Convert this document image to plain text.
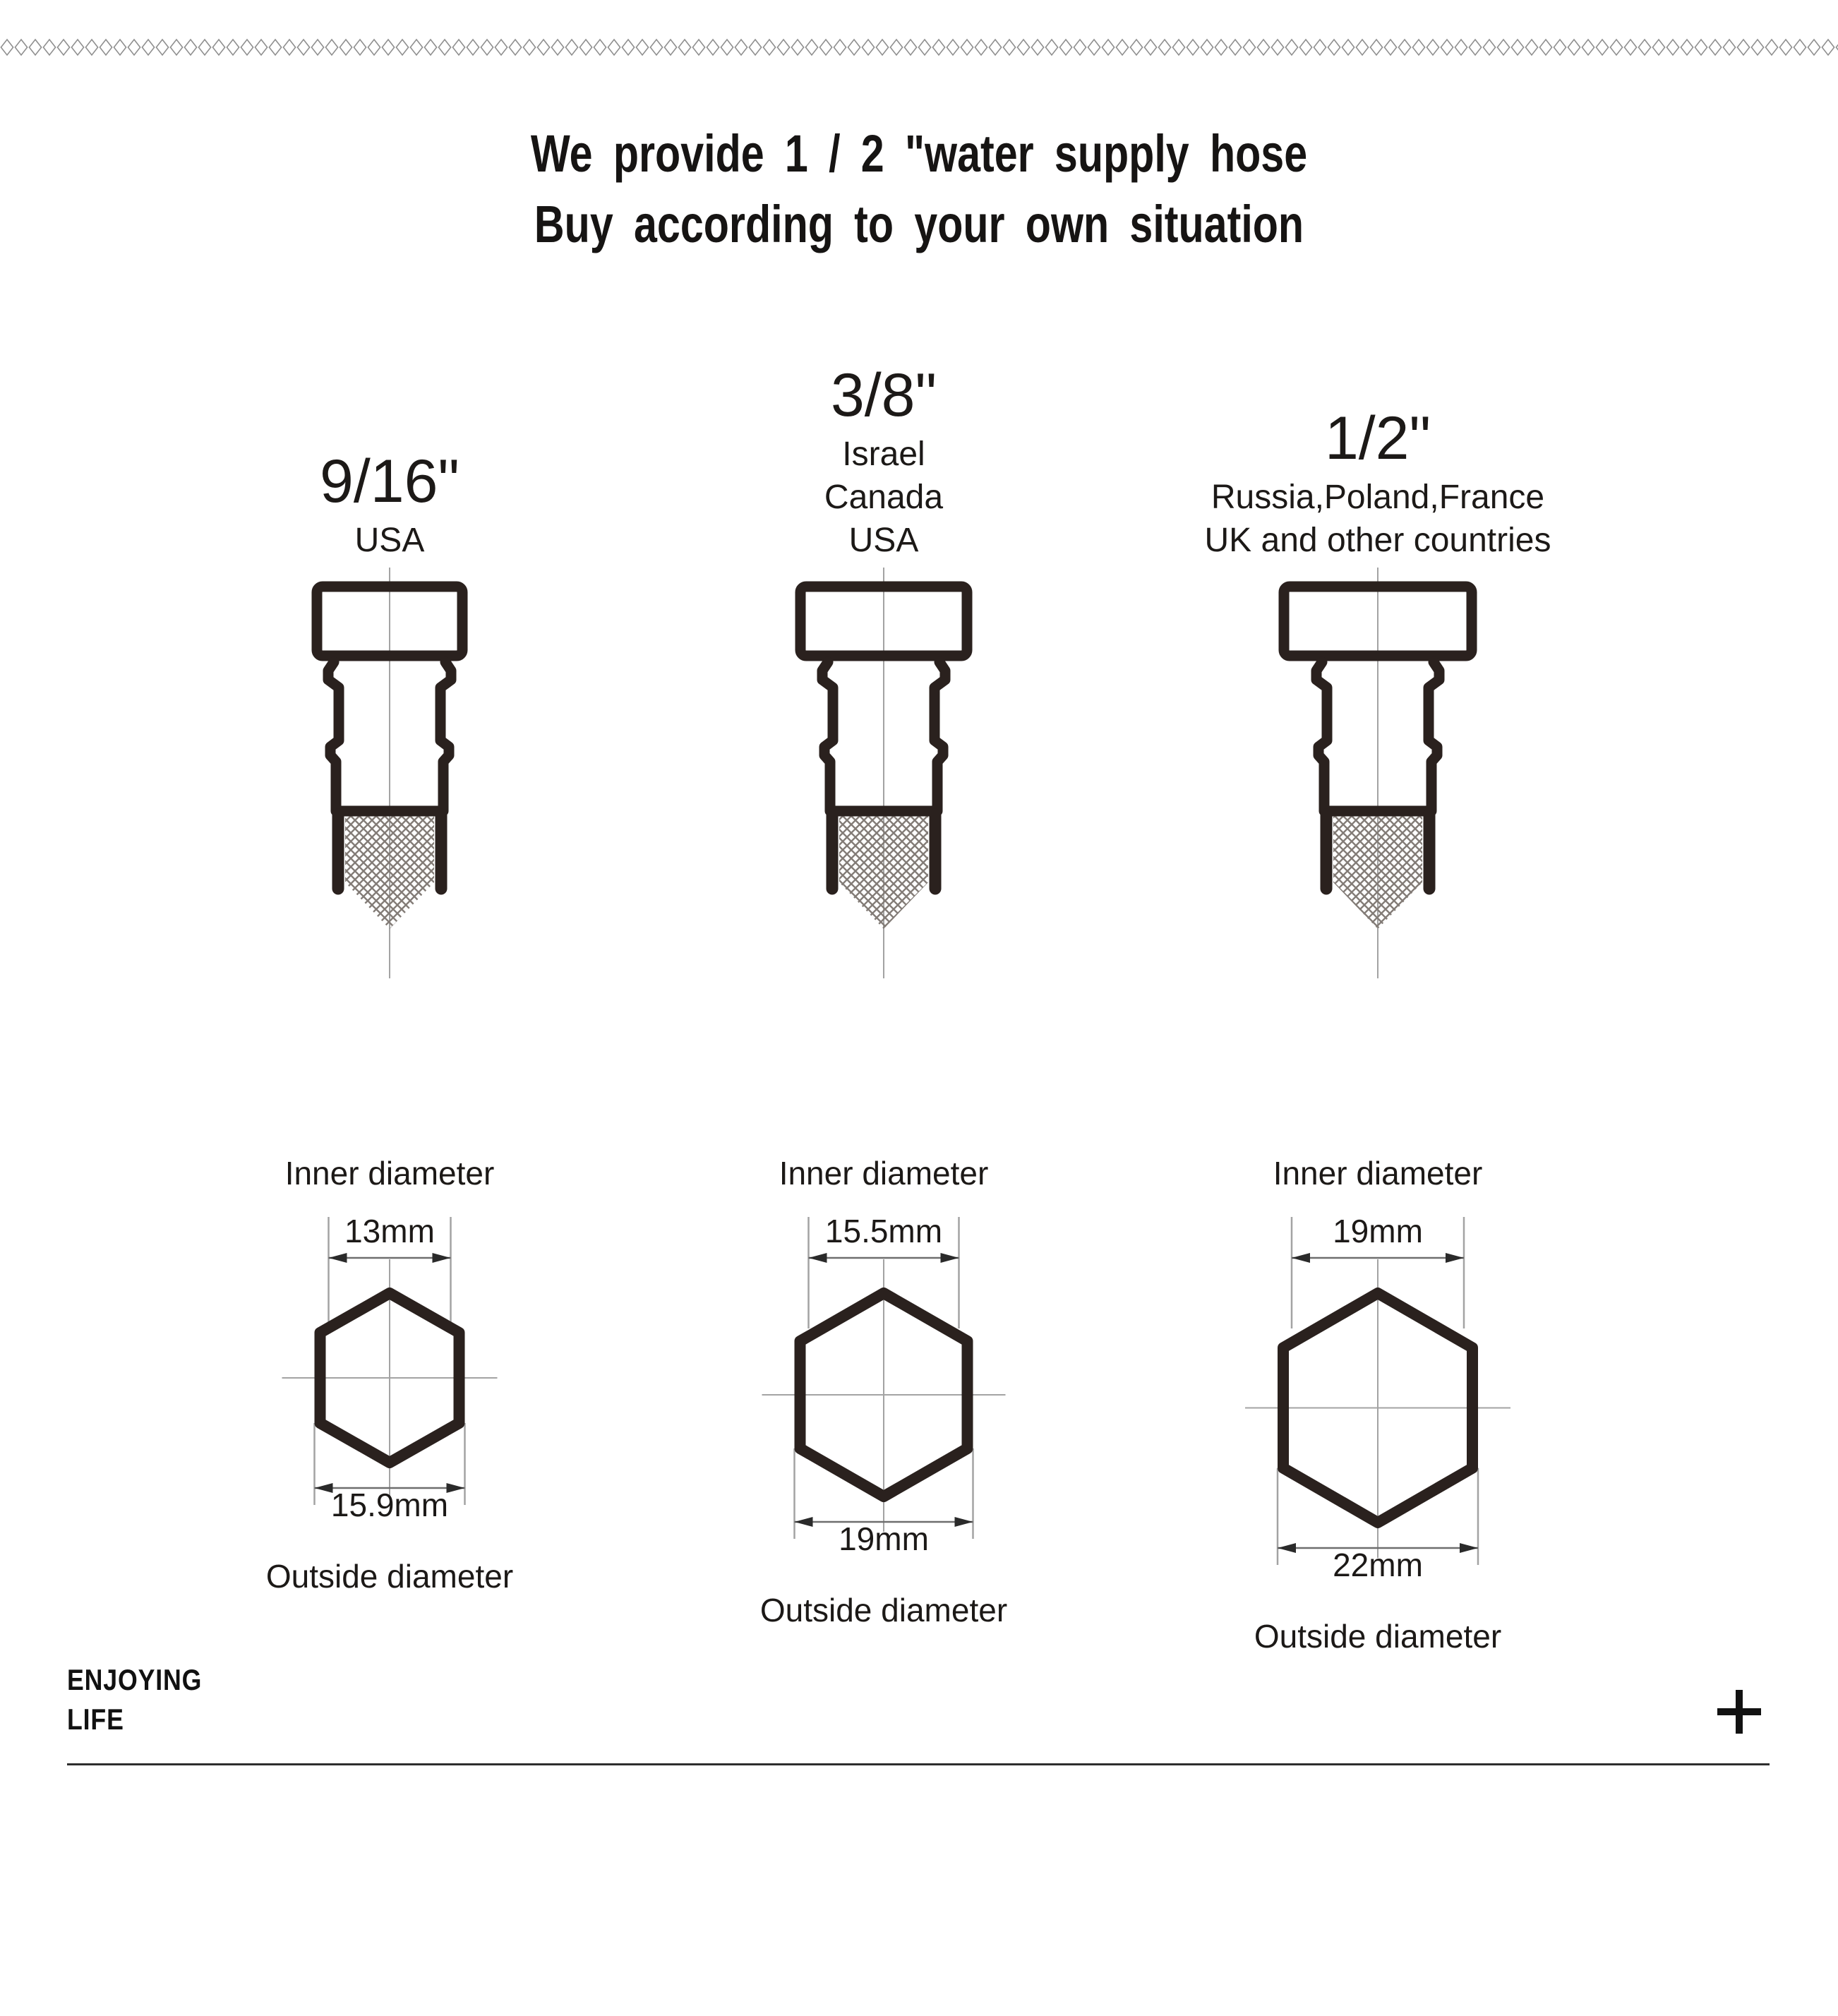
We provide 1 / 2 "water supply hose
Buy according to your own situation
9/16"
USA
3/8"
Israel
Canada
USA
1/2"
Russia,Poland,France
UK and other countries
Inner diameter
13mm
15.9mm
Outside diameter
Inner diameter
15.5mm
19mm
Outside diameter
Inner diameter
19mm
22mm
Outside diameter
ENJOYING
LIFE
